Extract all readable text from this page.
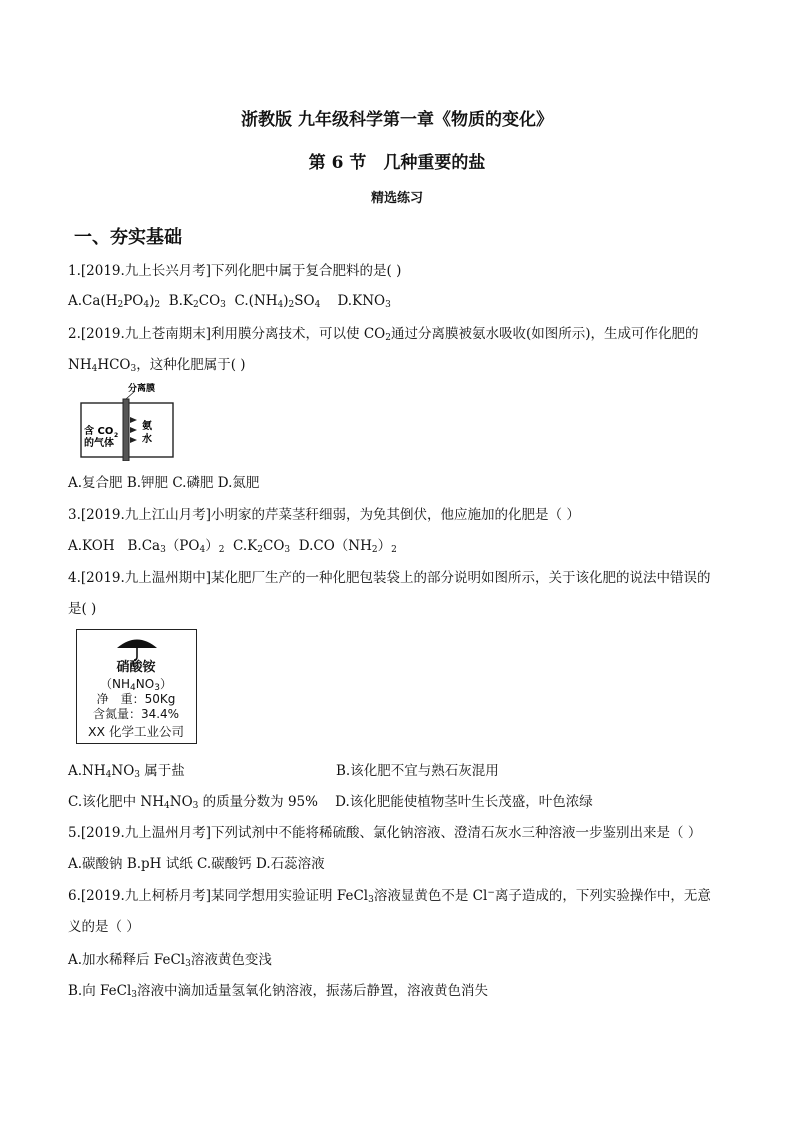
浙教版 九年级科学第一章《物质的变化》
第 6 节　几种重要的盐
精选练习
一、夯实基础
1.[2019.九上长兴月考]下列化肥中属于复合肥料的是( )
$A.Ca(H_2PO_4)_2$ $B.K_2CO_3$ $C.(NH_4)_2SO_4$ $D.KNO_3$
2.[2019.九上苍南期末]利用膜分离技术，可以使 $CO_2$通过分离膜被氨水吸收(如图所示)，生成可作化肥的
$NH_4HCO_3$，这种化肥属于( )
分离膜
含 CO 2
的气体
氨
水
A.复合肥 B.钾肥 C.磷肥 D.氮肥
3.[2019.九上江山月考]小明家的芹菜茎秆细弱，为免其倒伏，他应施加的化肥是（ ）
A.KOH $B.Ca_3(PO_4)_2$ $C.K_2CO_3$ $D.CO(NH_2)_2$
4.[2019.九上温州期中]某化肥厂生产的一种化肥包装袋上的部分说明如图所示，关于该化肥的说法中错误的
是( )
硝酸铵
$(NH_4NO_3)$
净　重：50Kg
含氮量：34.4%
XX 化学工业公司
$A.NH_4NO_3$ 属于盐	B.该化肥不宜与熟石灰混用
C.该化肥中 $NH_4NO_3$ 的质量分数为 95% D.该化肥能使植物茎叶生长茂盛，叶色浓绿
5.[2019.九上温州月考]下列试剂中不能将稀硫酸、氯化钠溶液、澄清石灰水三种溶液一步鉴别出来是（ ）
A.碳酸钠 B.pH 试纸 C.碳酸钙 D.石蕊溶液
6.[2019.九上柯桥月考]某同学想用实验证明 FeCl$_3$溶液显黄色不是 Cl−离子造成的，下列实验操作中，无意
义的是（ ）
A.加水稀释后 FeCl$_3$溶液黄色变浅
B.向 FeCl$_3$溶液中滴加适量氢氧化钠溶液，振荡后静置，溶液黄色消失
